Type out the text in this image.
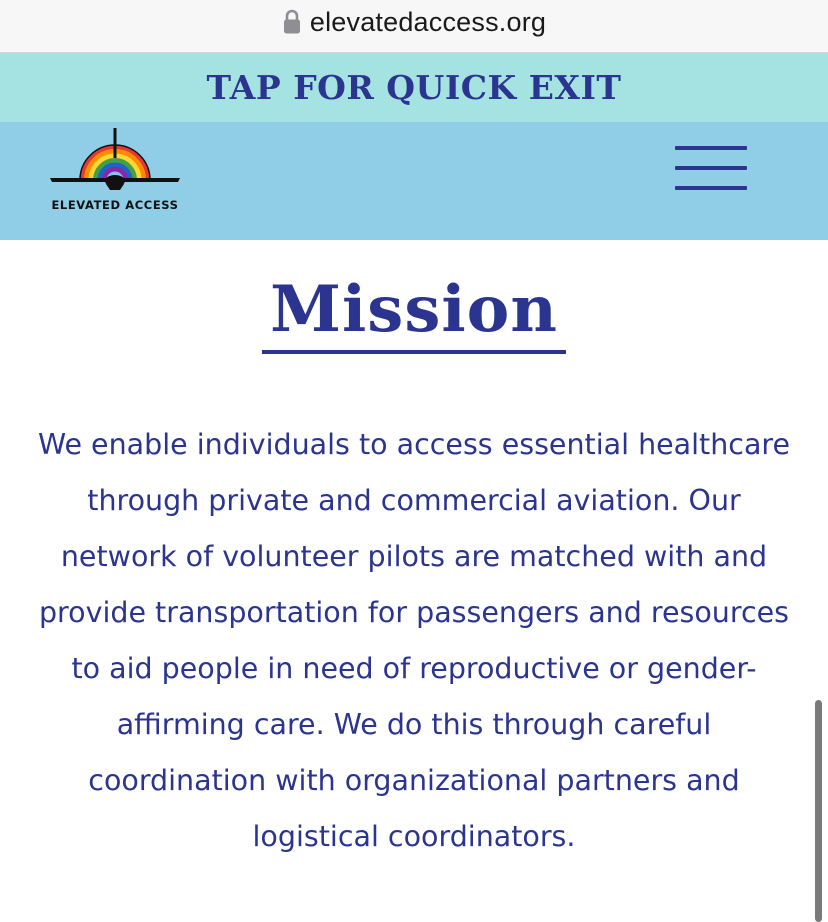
elevatedaccess.org
TAP FOR QUICK EXIT
ELEVATED ACCESS
Mission

We enable individuals to access essential healthcare through private and commercial aviation. Our network of volunteer pilots are matched with and provide transportation for passengers and resources to aid people in need of reproductive or gender-affirming care. We do this through careful coordination with organizational partners and logistical coordinators.
